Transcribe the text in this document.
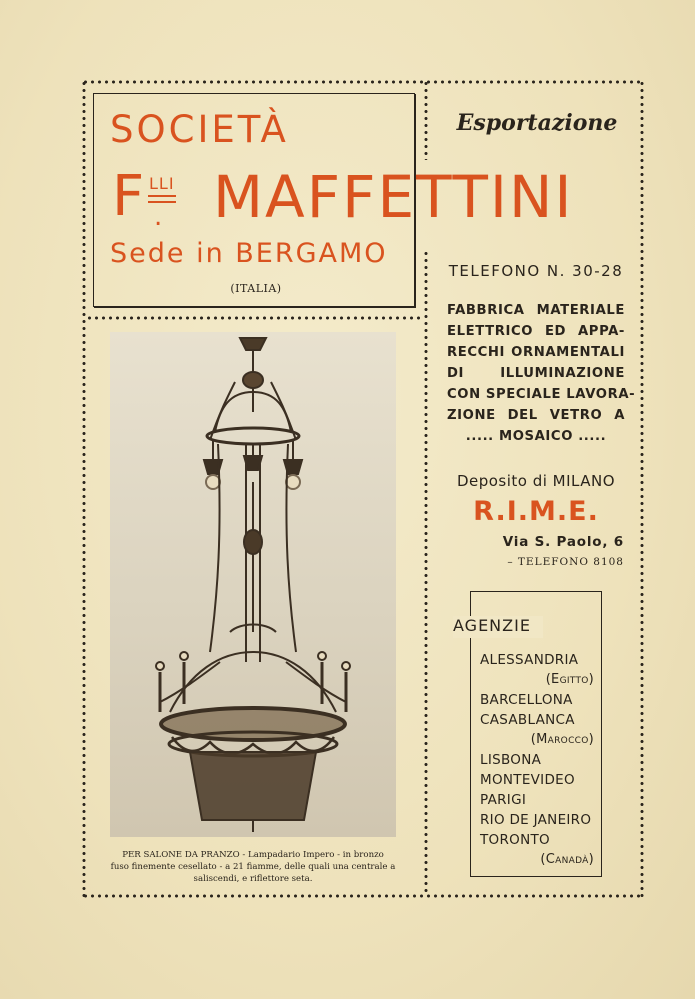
SOCIETÀ	Esportazione
F LLI
. MAFFETTINI
Sede in BERGAMO
(ITALIA)
TELEFONO N. 30-28
FABBRICA MATERIALE
ELETTRICO ED APPA-
RECCHI ORNAMENTALI
DI ILLUMINAZIONE
CON SPECIALE LAVORA-
ZIONE DEL VETRO A
..... MOSAICO .....
Deposito di MILANO
R.I.M.E.
Via S. Paolo, 6
– TELEFONO 8108
AGENZIE
ALESSANDRIA
(Egitto)
BARCELLONA
CASABLANCA
(Marocco)
LISBONA
MONTEVIDEO
PARIGI
RIO DE JANEIRO
TORONTO
(Canadà)
PER SALONE DA PRANZO - Lampadario Impero - in bronzo
fuso finemente cesellato - a 21 fiamme, delle quali una centrale a
saliscendi, e riflettore seta.
